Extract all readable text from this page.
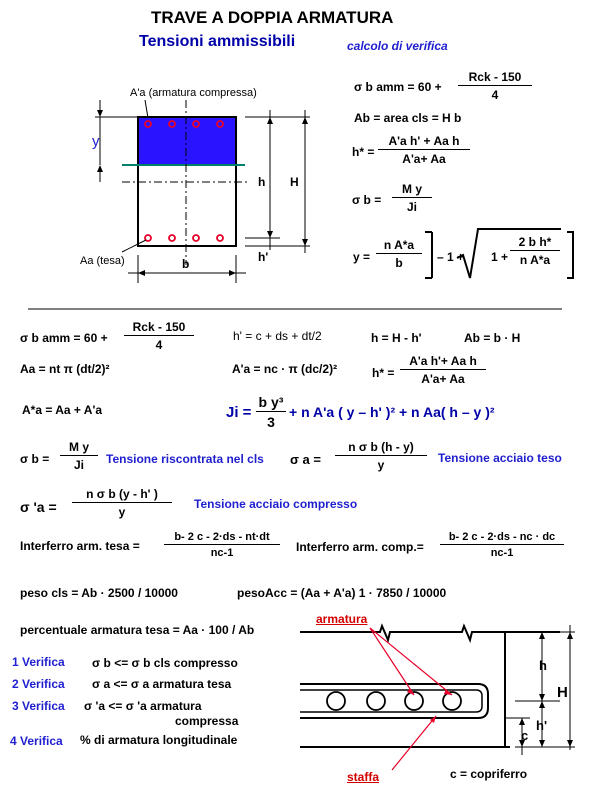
TRAVE A DOPPIA ARMATURA
Tensioni ammissibili	calcolo di verifica
A'a (armatura compressa)
Aa (tesa)
y
h H
h'
b
σ b amm = 60 +
Rck - 150
4
Ab = area cls = H b
$h* = \frac{\text{A'a h' + Aa h}}{A'a+ Aa}$
σ $b = \frac{\text{M y}}{Ji}$
$y = \frac{\text{n A*a}}{b} - 1 + 1 + \frac{\text{2 b h*}}{\text{n A*a}}$
σ b amm = 60 +
Rck - 150
4
h' = c + ds + dt/2	h = H - h'	Ab = b · H
Aa = nt π (dt/2)²	A'a = nc · π (dc/2)²	$h* = \frac{\text{A'a h'+ Aa h}}{A'a+ Aa}$
A*a = Aa + A'a	$Ji = \frac{\text{b y³}}{3} + n$ A'a ( y – h' )² + n Aa( h – y )²
σ $b = \frac{\text{M y}}{Ji}$ Tensione riscontrata nel cls σ $a = \frac{\text{n σ b (h - y)}}{y}$ Tensione acciaio teso
σ '$a = \frac{\text{n σ b (y - h' )}}{y}$ Tensione acciaio compresso
Interferro arm. tesa = $\frac{b- 2 c - 2\cdot ds - nt\cdot dt}{nc-1}$ Interferro arm. comp.= $\frac{b- 2 c - 2\cdot ds - nc \cdot dc}{nc-1}$
peso cls = Ab · 2500 / 10000	pesoAcc = (Aa + A'a) 1 · 7850 / 10000
percentuale armatura tesa = Aa · 100 / Ab
1 Verifica σ b <= σ b cls compresso
2 Verifica σ a <= σ a armatura tesa
3 Verifica σ 'a <= σ 'a armatura
compressa
4 Verifica % di armatura longitudinale
armatura
staffa
h
H
h'
c
c = copriferro
